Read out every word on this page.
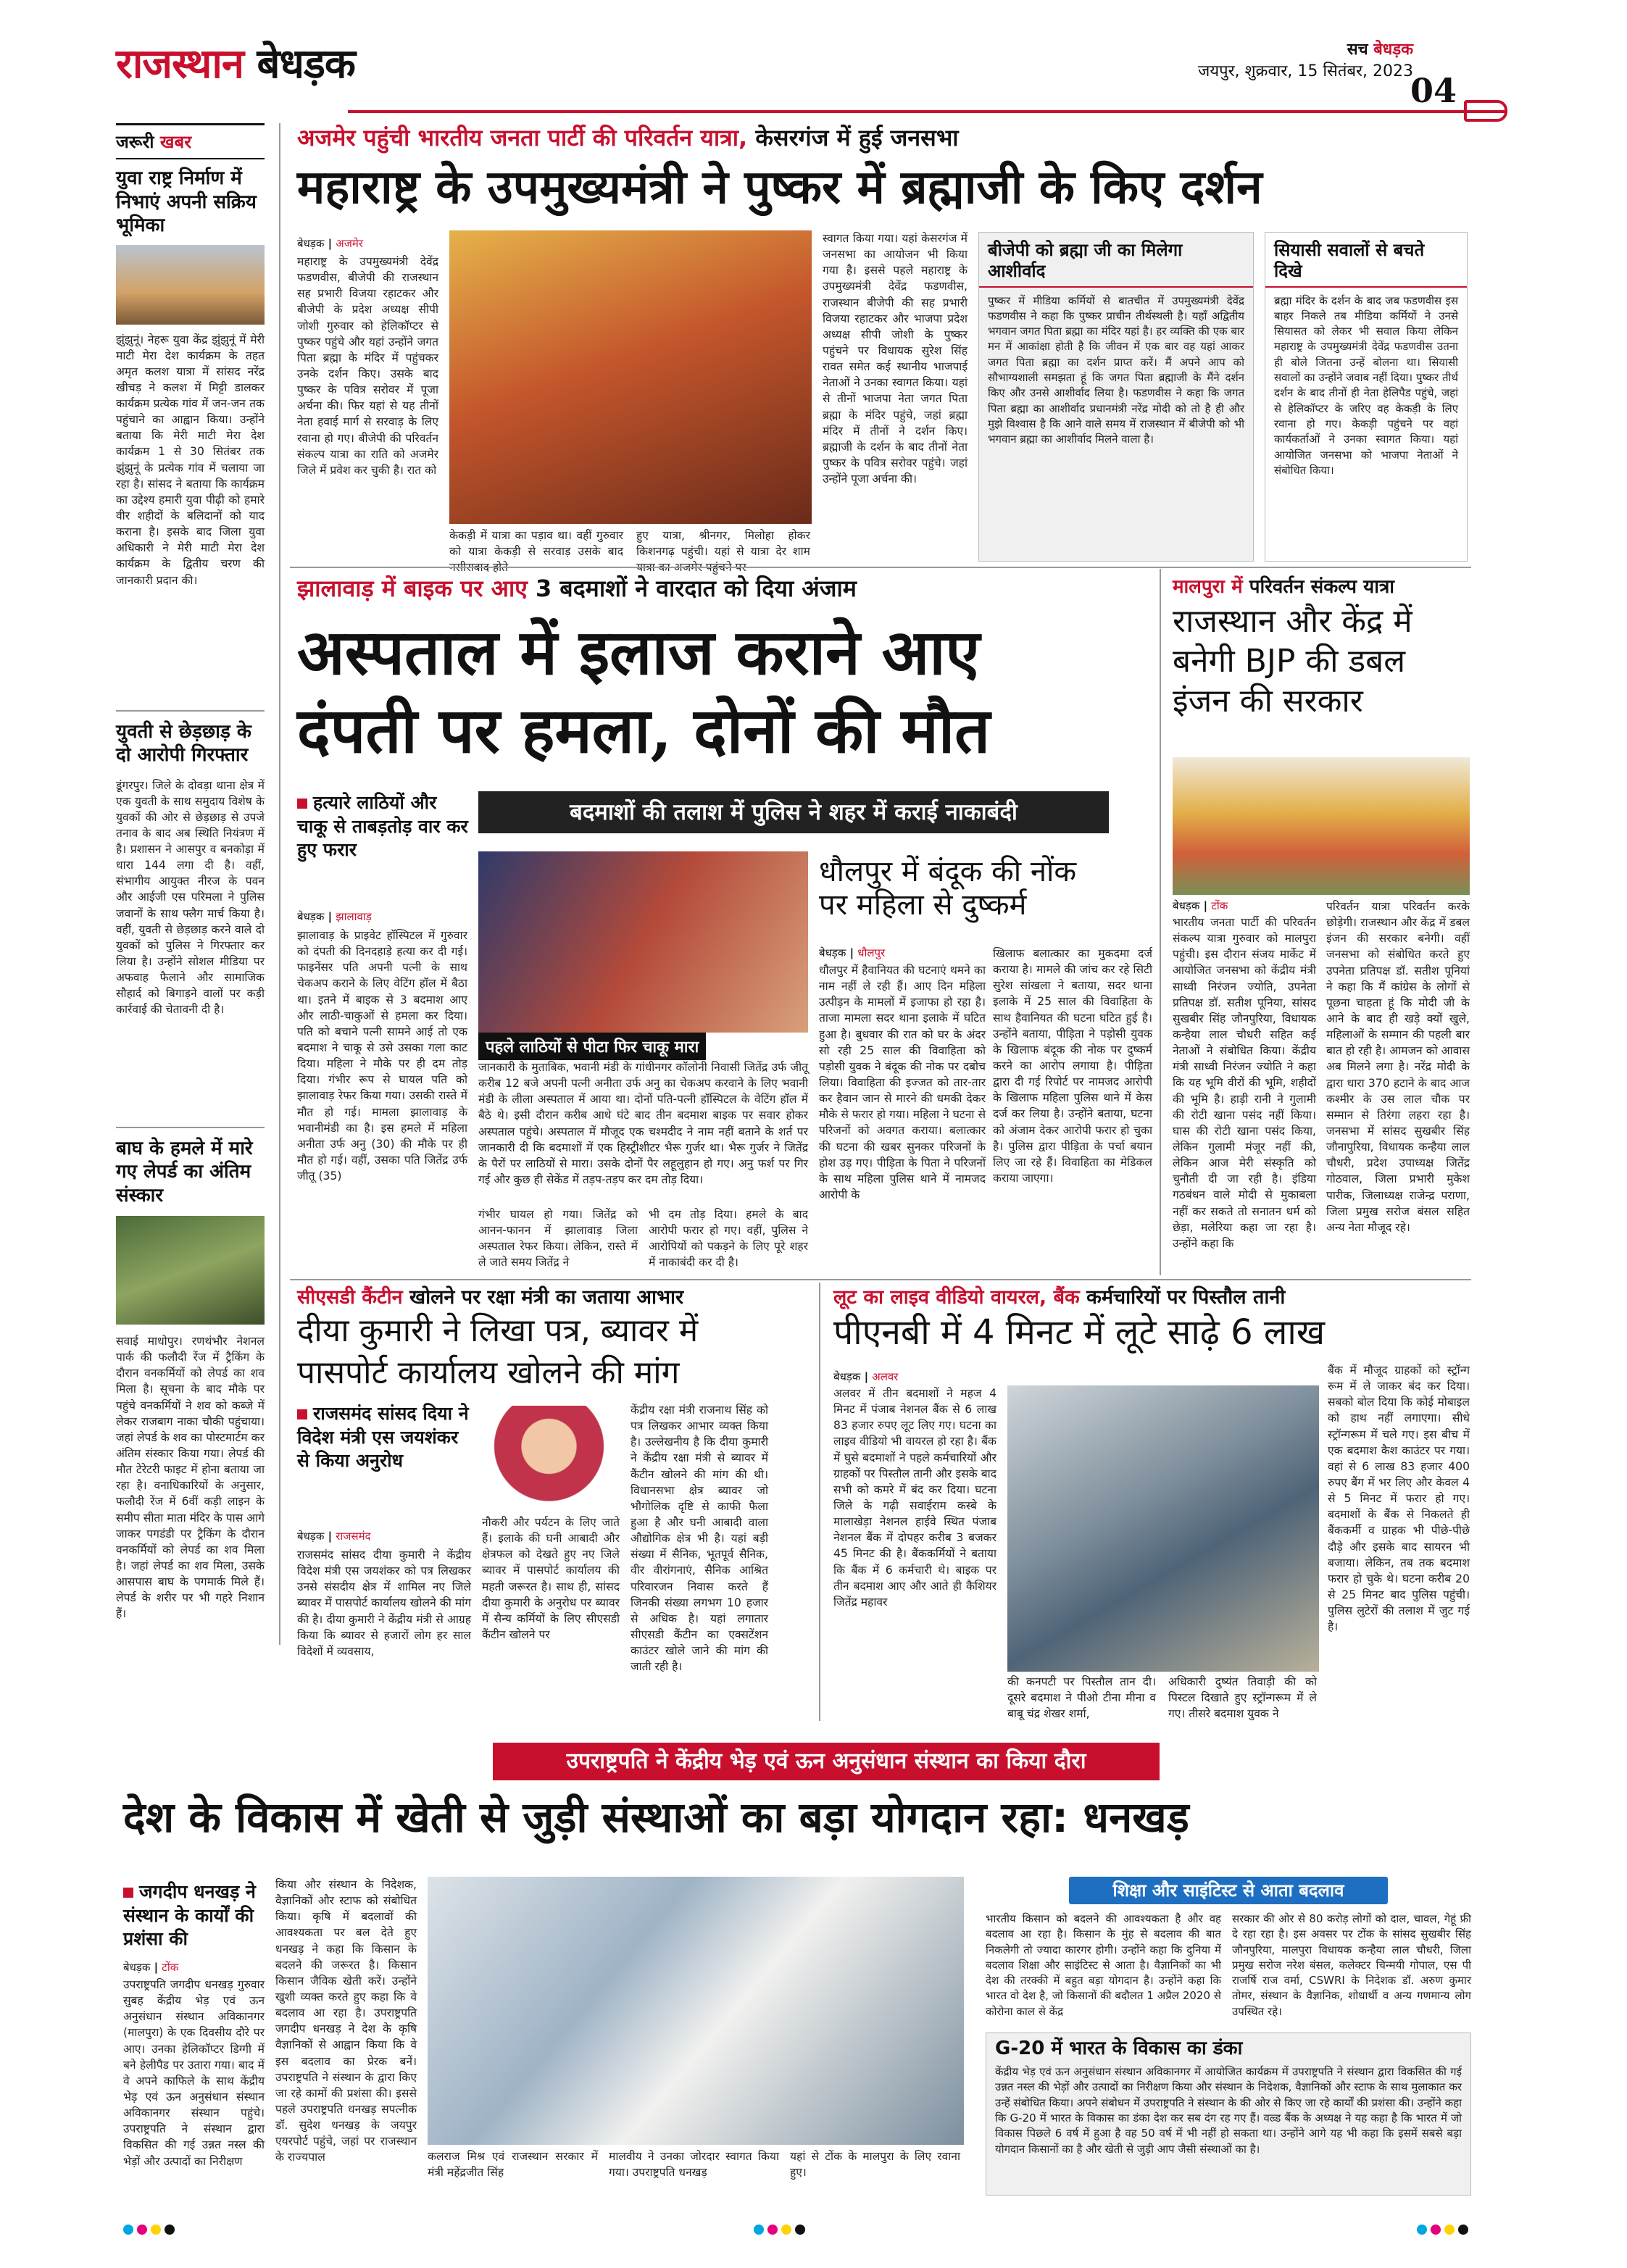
राजस्थान बेधड़क	सच बेधड़क
जयपुर, शुक्रवार, 15 सितंबर, 2023
04
जरूरी खबर
युवा राष्ट्र निर्माण में निभाएं अपनी सक्रिय भूमिका
झुंझुनूं। नेहरू युवा केंद्र झुंझुनूं में मेरी माटी मेरा देश कार्यक्रम के तहत अमृत कलश यात्रा में सांसद नरेंद्र खीचड़ ने कलश में मिट्टी डालकर कार्यक्रम प्रत्येक गांव में जन-जन तक पहुंचाने का आह्वान किया। उन्होंने बताया कि मेरी माटी मेरा देश कार्यक्रम 1 से 30 सितंबर तक झुंझुनूं के प्रत्येक गांव में चलाया जा रहा है। सांसद ने बताया कि कार्यक्रम का उद्देश्य हमारी युवा पीढ़ी को हमारे वीर शहीदों के बलिदानों को याद कराना है। इसके बाद जिला युवा अधिकारी ने मेरी माटी मेरा देश कार्यक्रम के द्वितीय चरण की जानकारी प्रदान की।
युवती से छेड़छाड़ के दो आरोपी गिरफ्तार
डूंगरपुर। जिले के दोवड़ा थाना क्षेत्र में एक युवती के साथ समुदाय विशेष के युवकों की ओर से छेड़छाड़ से उपजे तनाव के बाद अब स्थिति नियंत्रण में है। प्रशासन ने आसपुर व बनकोड़ा में धारा 144 लगा दी है। वहीं, संभागीय आयुक्त नीरज के पवन और आईजी एस परिमला ने पुलिस जवानों के साथ फ्लैग मार्च किया है। वहीं, युवती से छेड़छाड़ करने वाले दो युवकों को पुलिस ने गिरफ्तार कर लिया है। उन्होंने सोशल मीडिया पर अफवाह फैलाने और सामाजिक सौहार्द को बिगाड़ने वालों पर कड़ी कार्रवाई की चेतावनी दी है।
बाघ के हमले में मारे गए लेपर्ड का अंतिम संस्कार
सवाई माधोपुर। रणथंभौर नेशनल पार्क की फलौदी रेंज में ट्रैकिंग के दौरान वनकर्मियों को लेपर्ड का शव मिला है। सूचना के बाद मौके पर पहुंचे वनकर्मियों ने शव को कब्जे में लेकर राजबाग नाका चौकी पहुंचाया। जहां लेपर्ड के शव का पोस्टमार्टम कर अंतिम संस्कार किया गया। लेपर्ड की मौत टेरेटरी फाइट में होना बताया जा रहा है। वनाधिकारियों के अनुसार, फलौदी रेंज में 6वीं कड़ी लाइन के समीप सीता माता मंदिर के पास आगे जाकर पगडंडी पर ट्रैकिंग के दौरान वनकर्मियों को लेपर्ड का शव मिला है। जहां लेपर्ड का शव मिला, उसके आसपास बाघ के पगमार्क मिले हैं। लेपर्ड के शरीर पर भी गहरे निशान हैं।
अजमेर पहुंची भारतीय जनता पार्टी की परिवर्तन यात्रा, केसरगंज में हुई जनसभा
महाराष्ट्र के उपमुख्यमंत्री ने पुष्कर में ब्रह्माजी के किए दर्शन
बेधड़क | अजमेर
महाराष्ट्र के उपमुख्यमंत्री देवेंद्र फडणवीस, बीजेपी की राजस्थान सह प्रभारी विजया रहाटकर और बीजेपी के प्रदेश अध्यक्ष सीपी जोशी गुरुवार को हेलिकॉप्टर से पुष्कर पहुंचे और यहां उन्होंने जगत पिता ब्रह्मा के मंदिर में पहुंचकर उनके दर्शन किए। उसके बाद पुष्कर के पवित्र सरोवर में पूजा अर्चना की। फिर यहां से यह तीनों नेता हवाई मार्ग से सरवाड़ के लिए रवाना हो गए। बीजेपी की परिवर्तन संकल्प यात्रा का राति को अजमेर जिले में प्रवेश कर चुकी है। रात को
केकड़ी में यात्रा का पड़ाव था। वहीं गुरुवार को यात्रा केकड़ी से सरवाड़ उसके बाद
हुए यात्रा, श्रीनगर, मिलोहा होकर किशनगढ़ पहुंची। यहां से यात्रा देर शाम
स्वागत किया गया। यहां केसरगंज में जनसभा का आयोजन भी किया गया है। इससे पहले महाराष्ट्र के उपमुख्यमंत्री देवेंद्र फडणवीस, राजस्थान बीजेपी की सह प्रभारी विजया रहाटकर और भाजपा प्रदेश अध्यक्ष सीपी जोशी के पुष्कर पहुंचने पर विधायक सुरेश सिंह रावत समेत कई स्थानीय भाजपाई नेताओं ने उनका स्वागत किया। यहां से तीनों भाजपा नेता जगत पिता ब्रह्मा के मंदिर पहुंचे, जहां ब्रह्मा मंदिर में तीनों ने दर्शन किए। ब्रह्माजी के दर्शन के बाद तीनों नेता पुष्कर के पवित्र सरोवर पहुंचे। जहां उन्होंने पूजा अर्चना की।
बीजेपी को ब्रह्मा जी का मिलेगा आशीर्वाद
पुष्कर में मीडिया कर्मियों से बातचीत में उपमुख्यमंत्री देवेंद्र फडणवीस ने कहा कि पुष्कर प्राचीन तीर्थस्थली है। यहाँ अद्वितीय भगवान जगत पिता ब्रह्मा का मंदिर यहां है। हर व्यक्ति की एक बार मन में आकांक्षा होती है कि जीवन में एक बार वह यहां आकर जगत पिता ब्रह्मा का दर्शन प्राप्त करें। मैं अपने आप को सौभाग्यशाली समझता हूं कि जगत पिता ब्रह्माजी के मैंने दर्शन किए और उनसे आशीर्वाद लिया है। फडणवीस ने कहा कि जगत पिता ब्रह्मा का आशीर्वाद प्रधानमंत्री नरेंद्र मोदी को तो है ही और मुझे विश्वास है कि आने वाले समय में राजस्थान में बीजेपी को भी भगवान ब्रह्मा का आशीर्वाद मिलने वाला है।
सियासी सवालों से बचते दिखे
ब्रह्मा मंदिर के दर्शन के बाद जब फडणवीस इस बाहर निकले तब मीडिया कर्मियों ने उनसे सियासत को लेकर भी सवाल किया लेकिन महाराष्ट्र के उपमुख्यमंत्री देवेंद्र फडणवीस उतना ही बोले जितना उन्हें बोलना था। सियासी सवालों का उन्होंने जवाब नहीं दिया। पुष्कर तीर्थ दर्शन के बाद तीनों ही नेता हेलिपैड पहुंचे, जहां से हेलिकॉप्टर के जरिए वह केकड़ी के लिए रवाना हो गए। केकड़ी पहुंचने पर वहां कार्यकर्ताओं ने उनका स्वागत किया। यहां आयोजित जनसभा को भाजपा नेताओं ने संबोधित किया।
झालावाड़ में बाइक पर आए 3 बदमाशों ने वारदात को दिया अंजाम
अस्पताल में इलाज कराने आए
दंपती पर हमला, दोनों की मौत
बदमाशों की तलाश में पुलिस ने शहर में कराई नाकाबंदी
हत्यारे लाठियों और चाकू से ताबड़तोड़ वार कर हुए फरार
बेधड़क | झालावाड़
झालावाड़ के प्राइवेट हॉस्पिटल में गुरुवार को दंपती की दिनदहाड़े हत्या कर दी गई। फाइनेंसर पति अपनी पत्नी के साथ चेकअप कराने के लिए वेटिंग हॉल में बैठा था। इतने में बाइक से 3 बदमाश आए और लाठी-चाकुओं से हमला कर दिया। पति को बचाने पत्नी सामने आई तो एक बदमाश ने चाकू से उसे उसका गला काट दिया। महिला ने मौके पर ही दम तोड़ दिया। गंभीर रूप से घायल पति को झालावाड़ रेफर किया गया। उसकी रास्ते में मौत हो गई। मामला झालावाड़ के भवानीमंडी का है। इस हमले में महिला अनीता उर्फ अनु (30) की मौके पर ही मौत हो गई। वहीं, उसका पति जितेंद्र उर्फ जीतू (35)
पहले लाठियों से पीटा फिर चाकू मारा
जानकारी के मुताबिक, भवानी मंडी के गांधीनगर कॉलोनी निवासी जितेंद्र उर्फ जीतू करीब 12 बजे अपनी पत्नी अनीता उर्फ अनु का चेकअप करवाने के लिए भवानी मंडी के लीला अस्पताल में आया था। दोनों पति-पत्नी हॉस्पिटल के वेटिंग हॉल में बैठे थे। इसी दौरान करीब आधे घंटे बाद तीन बदमाश बाइक पर सवार होकर अस्पताल पहुंचे। अस्पताल में मौजूद एक चश्मदीद ने नाम नहीं बताने के शर्त पर जानकारी दी कि बदमाशों में एक हिस्ट्रीशीटर भैरू गुर्जर था। भैरू गुर्जर ने जितेंद्र के पैरों पर लाठियों से मारा। उसके दोनों पैर लहूलुहान हो गए। अनु फर्श पर गिर गई और कुछ ही सेकेंड में तड़प-तड़प कर दम तोड़ दिया।
गंभीर घायल हो गया। जितेंद्र को आनन-फानन में झालावाड़ जिला अस्पताल रेफर किया। लेकिन, रास्ते में ले जाते समय जितेंद्र ने
भी दम तोड़ दिया। हमले के बाद आरोपी फरार हो गए। वहीं, पुलिस ने आरोपियों को पकड़ने के लिए पूरे शहर में नाकाबंदी कर दी है।
धौलपुर में बंदूक की नोंक पर महिला से दुष्कर्म
बेधड़क | धौलपुर
धौलपुर में हैवानियत की घटनाएं थमने का नाम नहीं ले रही हैं। आए दिन महिला उत्पीड़न के मामलों में इजाफा हो रहा है। ताजा मामला सदर थाना इलाके में घटित हुआ है। बुधवार की रात को घर के अंदर सो रही 25 साल की विवाहिता को पड़ोसी युवक ने बंदूक की नोक पर दबोच लिया। विवाहिता की इज्जत को तार-तार कर हैवान जान से मारने की धमकी देकर मौके से फरार हो गया। महिला ने घटना से परिजनों को अवगत कराया। बलात्कार की घटना की खबर सुनकर परिजनों के होश उड़ गए। पीड़िता के पिता ने परिजनों के साथ महिला पुलिस थाने में नामजद आरोपी के
खिलाफ बलात्कार का मुकदमा दर्ज कराया है। मामले की जांच कर रहे सिटी सुरेश सांखला ने बताया, सदर थाना इलाके में 25 साल की विवाहिता के साथ हैवानियत की घटना घटित हुई है। उन्होंने बताया, पीड़िता ने पड़ोसी युवक के खिलाफ बंदूक की नोक पर दुष्कर्म करने का आरोप लगाया है। पीड़िता द्वारा दी गई रिपोर्ट पर नामजद आरोपी के खिलाफ महिला पुलिस थाने में केस दर्ज कर लिया है। उन्होंने बताया, घटना को अंजाम देकर आरोपी फरार हो चुका है। पुलिस द्वारा पीड़िता के पर्चा बयान लिए जा रहे हैं। विवाहिता का मेडिकल कराया जाएगा।
मालपुरा में परिवर्तन संकल्प यात्रा
राजस्थान और केंद्र में बनेगी BJP की डबल इंजन की सरकार
बेधड़क | टोंक
भारतीय जनता पार्टी की परिवर्तन संकल्प यात्रा गुरुवार को मालपुरा पहुंची। इस दौरान संजय मार्केट में आयोजित जनसभा को केंद्रीय मंत्री साध्वी निरंजन ज्योति, उपनेता प्रतिपक्ष डॉ. सतीश पूनिया, सांसद सुखबीर सिंह जौनपुरिया, विधायक कन्हैया लाल चौधरी सहित कई नेताओं ने संबोधित किया। केंद्रीय मंत्री साध्वी निरंजन ज्योति ने कहा कि यह भूमि वीरों की भूमि, शहीदों की भूमि है। हाड़ी रानी ने गुलामी की रोटी खाना पसंद नहीं किया। घास की रोटी खाना पसंद किया, लेकिन गुलामी मंजूर नहीं की, लेकिन आज मेरी संस्कृति को चुनौती दी जा रही है। इंडिया गठबंधन वाले मोदी से मुकाबला नहीं कर सकते तो सनातन धर्म को छेड़ा, मलेरिया कहा जा रहा है। उन्होंने कहा कि
परिवर्तन यात्रा परिवर्तन करके छोड़ेगी। राजस्थान और केंद्र में डबल इंजन की सरकार बनेगी। वहीं जनसभा को संबोधित करते हुए उपनेता प्रतिपक्ष डॉ. सतीश पूनियां ने कहा कि मैं कांग्रेस के लोगों से पूछना चाहता हूं कि मोदी जी के आने के बाद ही खड़े क्यों खुले, महिलाओं के सम्मान की पहली बार बात हो रही है। आमजन को आवास अब मिलने लगा है। नरेंद्र मोदी के द्वारा धारा 370 हटाने के बाद आज कश्मीर के उस लाल चौक पर सम्मान से तिरंगा लहरा रहा है। जनसभा में सांसद सुखबीर सिंह जौनापुरिया, विधायक कन्हैया लाल चौधरी, प्रदेश उपाध्यक्ष जितेंद्र गोठवाल, जिला प्रभारी मुकेश पारीक, जिलाध्यक्ष राजेन्द्र पराणा, जिला प्रमुख सरोज बंसल सहित अन्य नेता मौजूद रहे।
सीएसडी कैंटीन खोलने पर रक्षा मंत्री का जताया आभार
दीया कुमारी ने लिखा पत्र, ब्यावर में
पासपोर्ट कार्यालय खोलने की मांग
राजसमंद सांसद दिया ने विदेश मंत्री एस जयशंकर से किया अनुरोध
बेधड़क | राजसमंद
राजसमंद सांसद दीया कुमारी ने केंद्रीय विदेश मंत्री एस जयशंकर को पत्र लिखकर उनसे संसदीय क्षेत्र में शामिल नए जिले ब्यावर में पासपोर्ट कार्यालय खोलने की मांग की है। दीया कुमारी ने केंद्रीय मंत्री से आग्रह किया कि ब्यावर से हजारों लोग हर साल विदेशों में व्यवसाय,
नौकरी और पर्यटन के लिए जाते हैं। इलाके की घनी आबादी और क्षेत्रफल को देखते हुए नए जिले ब्यावर में पासपोर्ट कार्यालय की महती जरूरत है। साथ ही, सांसद दीया कुमारी के अनुरोध पर ब्यावर में सैन्य कर्मियों के लिए सीएसडी कैंटीन खोलने पर
केंद्रीय रक्षा मंत्री राजनाथ सिंह को पत्र लिखकर आभार व्यक्त किया है। उल्लेखनीय है कि दीया कुमारी ने केंद्रीय रक्षा मंत्री से ब्यावर में कैंटीन खोलने की मांग की थी। विधानसभा क्षेत्र ब्यावर जो भौगोलिक दृष्टि से काफी फैला हुआ है और घनी आबादी वाला औद्योगिक क्षेत्र भी है। यहां बड़ी संख्या में सैनिक, भूतपूर्व सैनिक, वीर वीरांगनाएं, सैनिक आश्रित परिवारजन निवास करते हैं जिनकी संख्या लगभग 10 हजार से अधिक है। यहां लगातार सीएसडी कैंटीन का एक्सटेंशन काउंटर खोले जाने की मांग की जाती रही है।
लूट का लाइव वीडियो वायरल, बैंक कर्मचारियों पर पिस्तौल तानी
पीएनबी में 4 मिनट में लूटे साढ़े 6 लाख
बेधड़क | अलवर
अलवर में तीन बदमाशों ने महज 4 मिनट में पंजाब नेशनल बैंक से 6 लाख 83 हजार रुपए लूट लिए गए। घटना का लाइव वीडियो भी वायरल हो रहा है। बैंक में घुसे बदमाशों ने पहले कर्मचारियों और ग्राहकों पर पिस्तौल तानी और इसके बाद सभी को कमरे में बंद कर दिया। घटना जिले के गढ़ी सवाईराम कस्बे के मालाखेड़ा नेशनल हाईवे स्थित पंजाब नेशनल बैंक में दोपहर करीब 3 बजकर 45 मिनट की है। बैंककर्मियों ने बताया कि बैंक में 6 कर्मचारी थे। बाइक पर तीन बदमाश आए और आते ही कैशियर जितेंद्र महावर
की कनपटी पर पिस्तौल तान दी। दूसरे बदमाश ने पीओ टीना मीना व बाबू चंद्र शेखर शर्मा,
अधिकारी दुष्यंत तिवाड़ी की को पिस्टल दिखाते हुए स्ट्रॉन्गरूम में ले गए। तीसरे बदमाश युवक ने
बैंक में मौजूद ग्राहकों को स्ट्रॉन्ग रूम में ले जाकर बंद कर दिया। सबको बोल दिया कि कोई मोबाइल को हाथ नहीं लगाएगा। सीधे स्ट्रॉन्गरूम में चले गए। इस बीच में एक बदमाश कैश काउंटर पर गया। वहां से 6 लाख 83 हजार 400 रुपए बैंग में भर लिए और केवल 4 से 5 मिनट में फरार हो गए। बदमाशों के बैंक से निकलते ही बैंककर्मी व ग्राहक भी पीछे-पीछे दौड़े और इसके बाद सायरन भी बजाया। लेकिन, तब तक बदमाश फरार हो चुके थे। घटना करीब 20 से 25 मिनट बाद पुलिस पहुंची। पुलिस लुटेरों की तलाश में जुट गई है।
उपराष्ट्रपति ने केंद्रीय भेड़ एवं ऊन अनुसंधान संस्थान का किया दौरा
देश के विकास में खेती से जुड़ी संस्थाओं का बड़ा योगदान रहा: धनखड़
जगदीप धनखड़ ने संस्थान के कार्यों की प्रशंसा की
बेधड़क | टोंक
उपराष्ट्रपति जगदीप धनखड़ गुरुवार सुबह केंद्रीय भेड़ एवं ऊन अनुसंधान संस्थान अविकानगर (मालपुरा) के एक दिवसीय दौरे पर आए। उनका हेलिकॉप्टर डिग्गी में बने हेलीपैड पर उतारा गया। बाद में वे अपने काफिले के साथ केंद्रीय भेड़ एवं ऊन अनुसंधान संस्थान अविकानगर संस्थान पहुंचे। उपराष्ट्रपति ने संस्थान द्वारा विकसित की गई उन्नत नस्ल की भेड़ों और उत्पादों का निरीक्षण
किया और संस्थान के निदेशक, वैज्ञानिकों और स्टाफ को संबोधित किया। कृषि में बदलावों की आवश्यकता पर बल देते हुए धनखड़ ने कहा कि किसान के बदलने की जरूरत है। किसान किसान जैविक खेती करें। उन्होंने खुशी व्यक्त करते हुए कहा कि वे बदलाव आ रहा है। उपराष्ट्रपति जगदीप धनखड़ ने देश के कृषि वैज्ञानिकों से आह्वान किया कि वे इस बदलाव का प्रेरक बनें। उपराष्ट्रपति ने संस्थान के द्वारा किए जा रहे कामों की प्रशंसा की। इससे पहले उपराष्ट्रपति धनखड़ सपत्नीक डॉ. सुदेश धनखड़ के जयपुर एयरपोर्ट पहुंचे, जहां पर राजस्थान के राज्यपाल	कलराज मिश्र एवं राजस्थान सरकार में मंत्री महेंद्रजीत सिंह
मालवीय ने उनका जोरदार स्वागत किया गया। उपराष्ट्रपति धनखड़
यहां से टोंक के मालपुरा के लिए रवाना हुए।
शिक्षा और साइंटिस्ट से आता बदलाव
भारतीय किसान को बदलने की आवश्यकता है और वह बदलाव आ रहा है। किसान के मुंह से बदलाव की बात निकलेगी तो ज्यादा कारगर होगी। उन्होंने कहा कि दुनिया में बदलाव शिक्षा और साइंटिस्ट से आता है। वैज्ञानिकों का भी देश की तरक्की में बहुत बड़ा योगदान है। उन्होंने कहा कि भारत वो देश है, जो किसानों की बदौलत 1 अप्रैल 2020 से कोरोना काल से केंद्र
सरकार की ओर से 80 करोड़ लोगों को दाल, चावल, गेहूं फ्री दे रहा रहा है। इस अवसर पर टोंक के सांसद सुखबीर सिंह जौनपुरिया, मालपुरा विधायक कन्हैया लाल चौधरी, जिला प्रमुख सरोज नरेश बंसल, कलेक्टर चिन्मयी गोपाल, एस पी राजर्षि राज वर्मा, CSWRI के निदेशक डॉ. अरुण कुमार तोमर, संस्थान के वैज्ञानिक, शोधार्थी व अन्य गणमान्य लोग उपस्थित रहे।
G-20 में भारत के विकास का डंका
केंद्रीय भेड़ एवं ऊन अनुसंधान संस्थान अविकानगर में आयोजित कार्यक्रम में उपराष्ट्रपति ने संस्थान द्वारा विकसित की गई उन्नत नस्ल की भेड़ों और उत्पादों का निरीक्षण किया और संस्थान के निदेशक, वैज्ञानिकों और स्टाफ के साथ मुलाकात कर उन्हें संबोधित किया। अपने संबोधन में उपराष्ट्रपति ने संस्थान के की ओर से किए जा रहे कार्यों की प्रशंसा की। उन्होंने कहा कि G-20 में भारत के विकास का डंका देश कर सब दंग रह गए हैं। वल्र्ड बैंक के अध्यक्ष ने यह कहा है कि भारत में जो विकास पिछले 6 वर्ष में हुआ है वह 50 वर्ष में भी नहीं हो सकता था। उन्होंने आगे यह भी कहा कि इसमें सबसे बड़ा योगदान किसानों का है और खेती से जुड़ी आप जैसी संस्थाओं का है।
